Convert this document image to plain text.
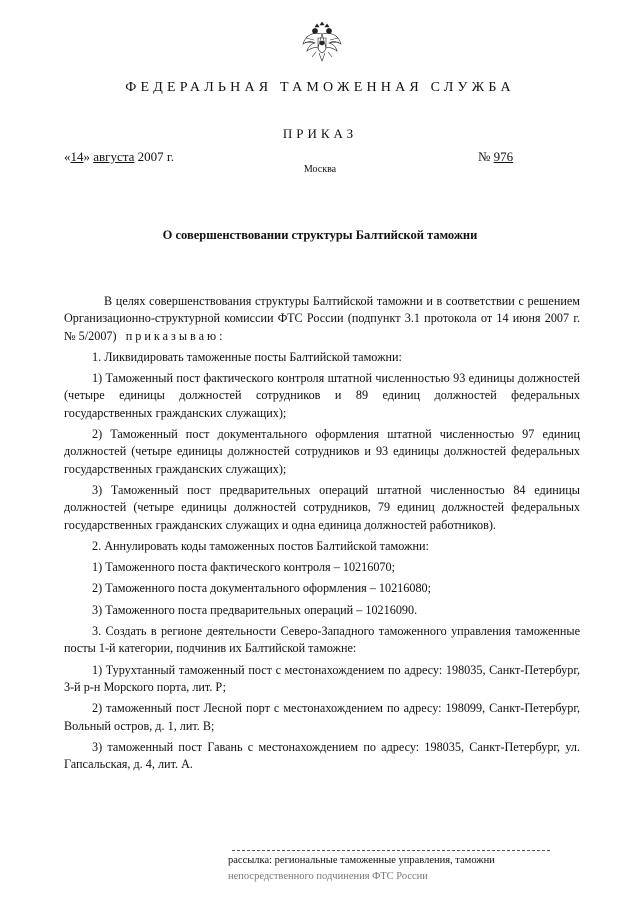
ФЕДЕРАЛЬНАЯ ТАМОЖЕННАЯ СЛУЖБА
ПРИКАЗ
«14» августа 2007 г.	№ 976
Москва
О совершенствовании структуры Балтийской таможни

В целях совершенствования структуры Балтийской таможни и в соответствии с решением Организационно-структурной комиссии ФТС России (подпункт 3.1 протокола от 14 июня 2007 г. № 5/2007) приказываю:

1. Ликвидировать таможенные посты Балтийской таможни:

1) Таможенный пост фактического контроля штатной численностью 93 единицы должностей (четыре единицы должностей сотрудников и 89 единиц должностей федеральных государственных гражданских служащих);

2) Таможенный пост документального оформления штатной численностью 97 единиц должностей (четыре единицы должностей сотрудников и 93 единицы должностей федеральных государственных гражданских служащих);

3) Таможенный пост предварительных операций штатной численностью 84 единицы должностей (четыре единицы должностей сотрудников, 79 единиц должностей федеральных государственных гражданских служащих и одна единица должностей работников).

2. Аннулировать коды таможенных постов Балтийской таможни:

1) Таможенного поста фактического контроля – 10216070;

2) Таможенного поста документального оформления – 10216080;

3) Таможенного поста предварительных операций – 10216090.

3. Создать в регионе деятельности Северо-Западного таможенного управления таможенные посты 1-й категории, подчинив их Балтийской таможне:

1) Турухтанный таможенный пост с местонахождением по адресу: 198035, Санкт-Петербург, 3-й р-н Морского порта, лит. Р;

2) таможенный пост Лесной порт с местонахождением по адресу: 198099, Санкт-Петербург, Вольный остров, д. 1, лит. В;

3) таможенный пост Гавань с местонахождением по адресу: 198035, Санкт-Петербург, ул. Гапсальская, д. 4, лит. А.

рассылка: региональные таможенные управления, таможни
непосредственного подчинения ФТС России
